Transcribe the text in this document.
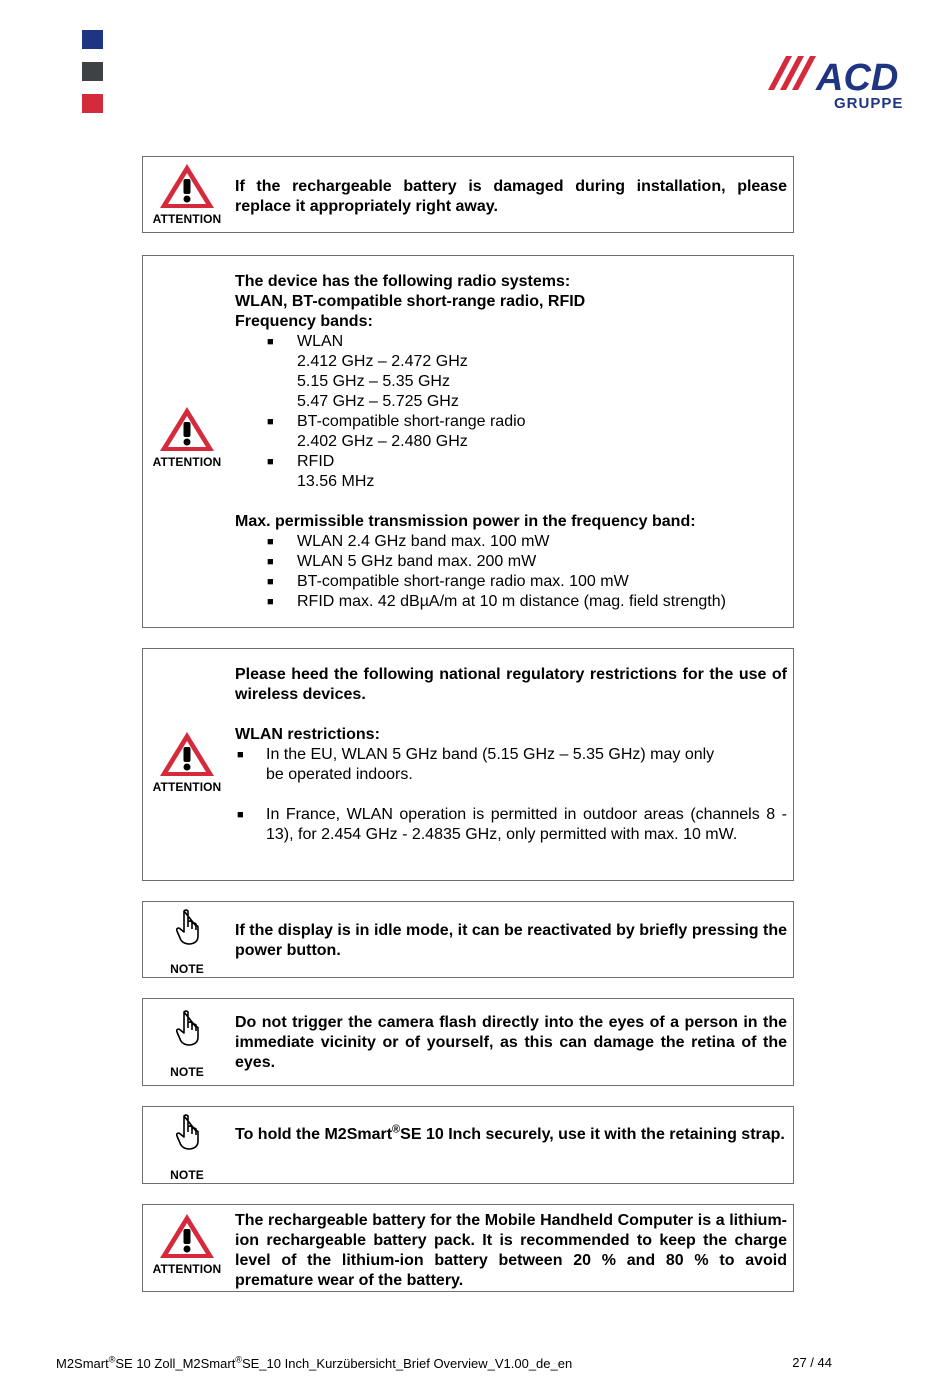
ACD
GRUPPE
ATTENTION
If the rechargeable battery is damaged during installation, please replace it appropriately right away.
ATTENTION
The device has the following radio systems:
WLAN, BT-compatible short-range radio, RFID
Frequency bands:
■ WLAN
2.412 GHz – 2.472 GHz
5.15 GHz – 5.35 GHz
5.47 GHz – 5.725 GHz
■ BT-compatible short-range radio
2.402 GHz – 2.480 GHz
■ RFID
13.56 MHz
Max. permissible transmission power in the frequency band:
■ WLAN 2.4 GHz band max. 100 mW
■ WLAN 5 GHz band max. 200 mW
■ BT-compatible short-range radio max. 100 mW
■ RFID max. 42 dBµA/m at 10 m distance (mag. field strength)
ATTENTION
Please heed the following national regulatory restrictions for the use of wireless devices.
WLAN restrictions:
■ In the EU, WLAN 5 GHz band (5.15 GHz – 5.35 GHz) may only
be operated indoors.
■ In France, WLAN operation is permitted in outdoor areas (channels 8 - 13), for 2.454 GHz - 2.4835 GHz, only permitted with max. 10 mW.
NOTE
If the display is in idle mode, it can be reactivated by briefly pressing the power button.
NOTE
Do not trigger the camera flash directly into the eyes of a person in the immediate vicinity or of yourself, as this can damage the retina of the eyes.
NOTE
To hold the M2Smart®SE 10 Inch securely, use it with the retaining strap.
ATTENTION
The rechargeable battery for the Mobile Handheld Computer is a lithium-ion rechargeable battery pack. It is recommended to keep the charge level of the lithium-ion battery between 20 % and 80 % to avoid premature wear of the battery.
M2Smart®SE 10 Zoll_M2Smart®SE_10 Inch_Kurzübersicht_Brief Overview_V1.00_de_en	27 / 44
